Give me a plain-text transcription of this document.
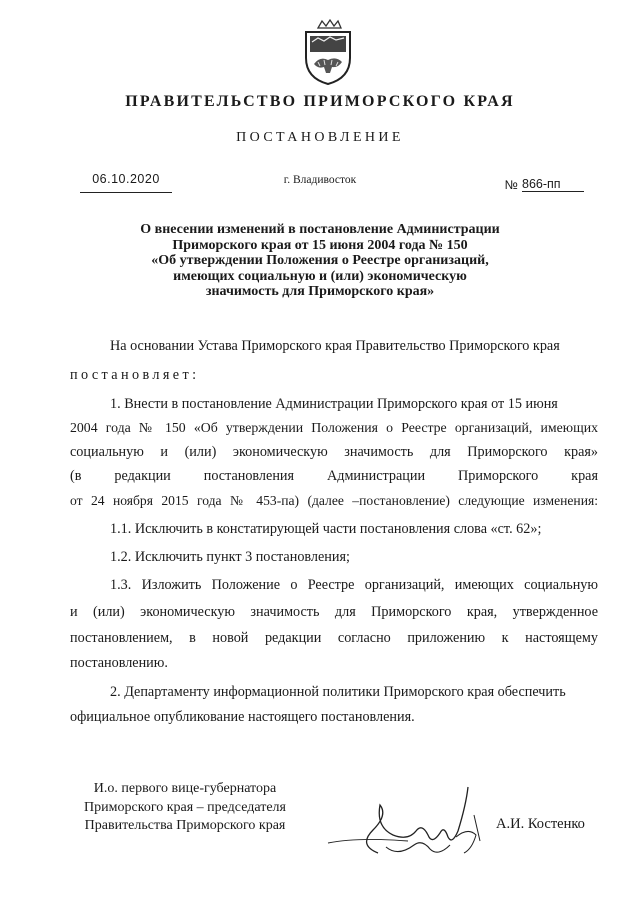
ПРАВИТЕЛЬСТВО ПРИМОРСКОГО КРАЯ
ПОСТАНОВЛЕНИЕ
06.10.2020	г. Владивосток	№ 866-пп
О внесении изменений в постановление Администрации
Приморского края от 15 июня 2004 года № 150
«Об утверждении Положения о Реестре организаций,
имеющих социальную и (или) экономическую
значимость для Приморского края»
На основании Устава Приморского края Правительство Приморского края
постановляет:
1. Внести в постановление Администрации Приморского края от 15 июня
2004 года № 150 «Об утверждении Положения о Реестре организаций, имеющих
социальную и (или) экономическую значимость для Приморского края»
(в редакции постановления Администрации Приморского края
от 24 ноября 2015 года № 453-па) (далее –постановление) следующие изменения:
1.1. Исключить в констатирующей части постановления слова «ст. 62»;
1.2. Исключить пункт 3 постановления;
1.3. Изложить Положение о Реестре организаций, имеющих социальную
и (или) экономическую значимость для Приморского края, утвержденное
постановлением, в новой редакции согласно приложению к настоящему
постановлению.
2. Департаменту информационной политики Приморского края обеспечить
официальное опубликование настоящего постановления.
И.о. первого вице-губернатора
Приморского края – председателя
Правительства Приморского края	А.И. Костенко
